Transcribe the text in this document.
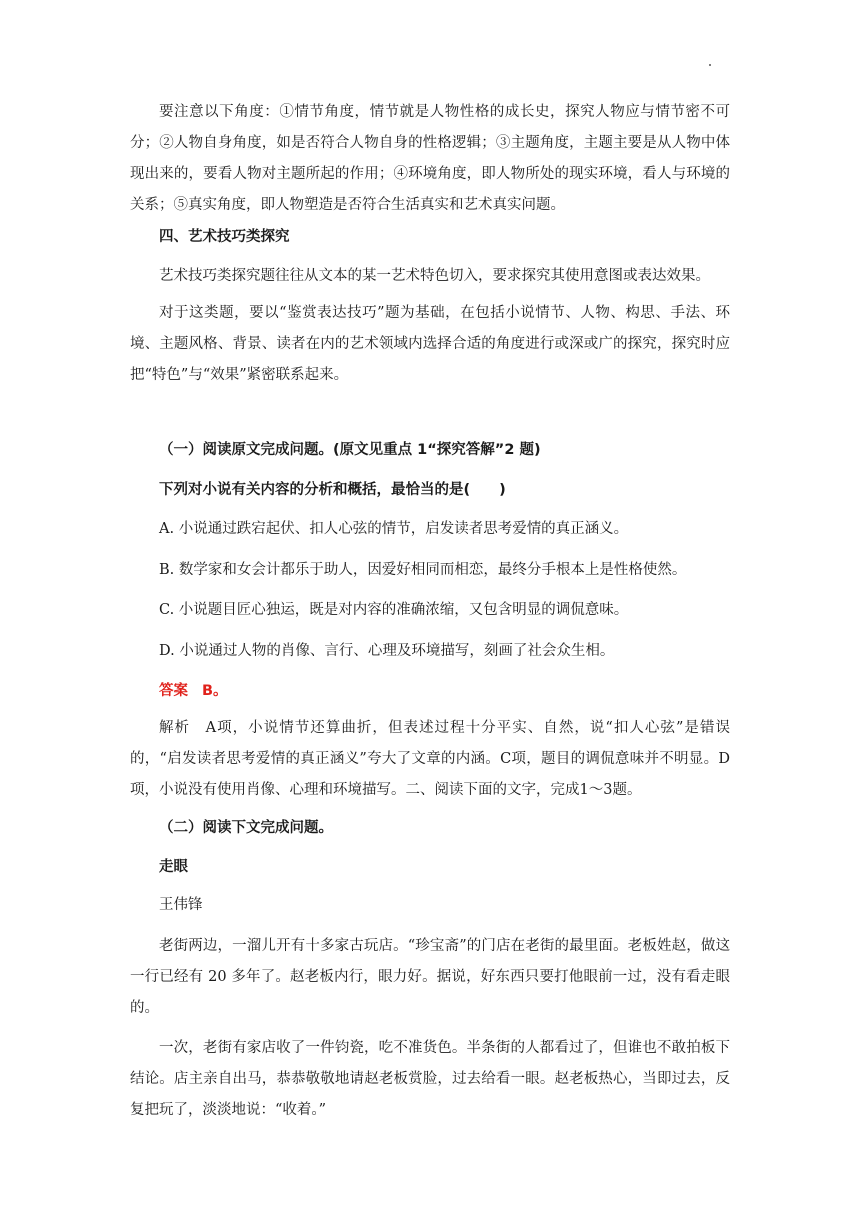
要注意以下角度：①情节角度，情节就是人物性格的成长史，探究人物应与情节密不可分；②人物自身角度，如是否符合人物自身的性格逻辑；③主题角度，主题主要是从人物中体现出来的，要看人物对主题所起的作用；④环境角度，即人物所处的现实环境，看人与环境的关系；⑤真实角度，即人物塑造是否符合生活真实和艺术真实问题。

四、艺术技巧类探究

艺术技巧类探究题往往从文本的某一艺术特色切入，要求探究其使用意图或表达效果。

对于这类题，要以“鉴赏表达技巧”题为基础，在包括小说情节、人物、构思、手法、环境、主题风格、背景、读者在内的艺术领域内选择合适的角度进行或深或广的探究，探究时应把“特色”与“效果”紧密联系起来。

（一）阅读原文完成问题。(原文见重点 1“探究答解”2 题)
下列对小说有关内容的分析和概括，最恰当的是(　　)
A. 小说通过跌宕起伏、扣人心弦的情节，启发读者思考爱情的真正涵义。
B. 数学家和女会计都乐于助人，因爱好相同而相恋，最终分手根本上是性格使然。
C. 小说题目匠心独运，既是对内容的准确浓缩，又包含明显的调侃意味。
D. 小说通过人物的肖像、言行、心理及环境描写，刻画了社会众生相。
答案 B。

解析　A项，小说情节还算曲折，但表述过程十分平实、自然，说“扣人心弦”是错误的，“启发读者思考爱情的真正涵义”夸大了文章的内涵。C项，题目的调侃意味并不明显。D项，小说没有使用肖像、心理和环境描写。二、阅读下面的文字，完成1～3题。

（二）阅读下文完成问题。
走眼
王伟锋

老街两边，一溜儿开有十多家古玩店。“珍宝斋”的门店在老街的最里面。老板姓赵，做这一行已经有 20 多年了。赵老板内行，眼力好。据说，好东西只要打他眼前一过，没有看走眼的。

一次，老街有家店收了一件钧瓷，吃不准货色。半条街的人都看过了，但谁也不敢拍板下结论。店主亲自出马，恭恭敬敬地请赵老板赏脸，过去给看一眼。赵老板热心，当即过去，反复把玩了，淡淡地说：“收着。”
